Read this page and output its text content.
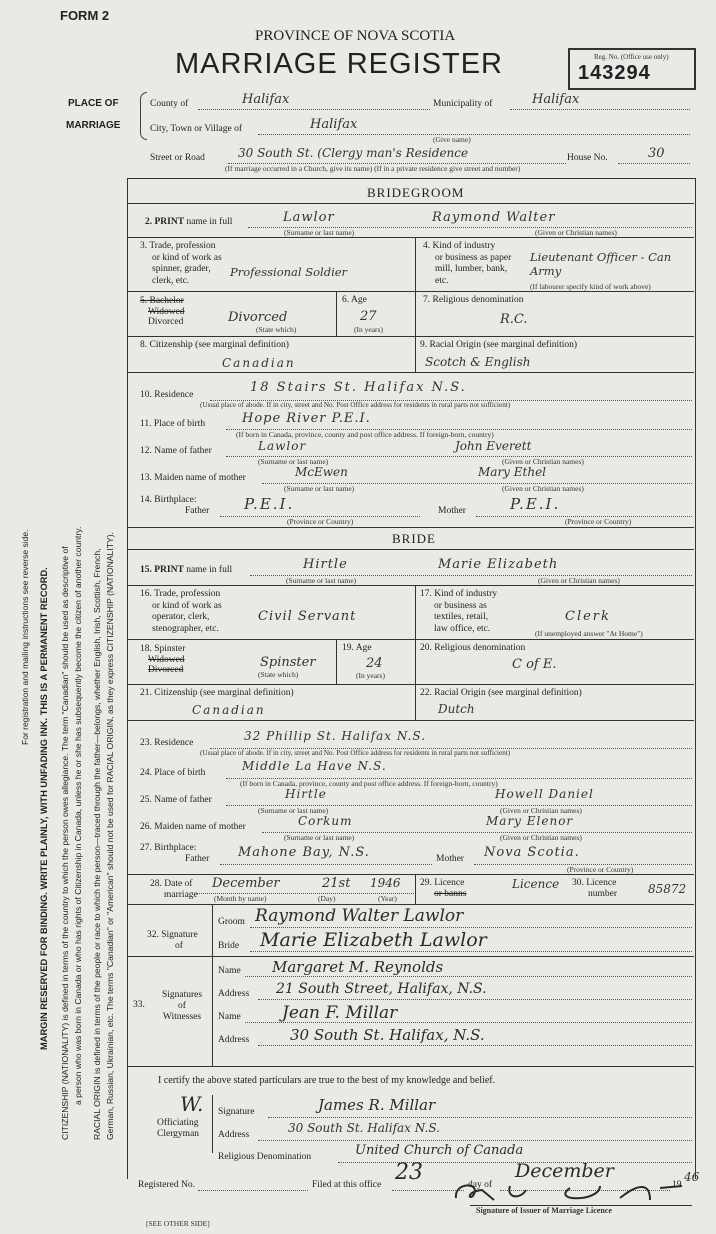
FORM 2
PROVINCE OF NOVA SCOTIA
MARRIAGE REGISTER	Reg. No. (Office use only)
143294
PLACE OF
MARRIAGE
County of	Halifax	Municipality of	Halifax
City, Town or Village of	Halifax
(Give name)
Street or Road	30 South St. (Clergy man's Residence	House No.	30
(If marriage occurred in a Church, give its name) (If in a private residence give street and number)
BRIDEGROOM
2. PRINT name in full	Lawlor	Raymond Walter
(Surname or last name)	(Given or Christian names)
3. Trade, profession
or kind of work as
spinner, grader,
clerk, etc.
Professional Soldier
4. Kind of industry
or business as paper
mill, lumber, bank,
etc.
Lieutenant Officer - Can Army
(If labourer specify kind of work above)
5. Bachelor
Widowed
Divorced	Divorced
(State which)
6. Age
27
(In years)
7. Religious denomination
R.C.
8. Citizenship (see marginal definition)
Canadian
9. Racial Origin (see marginal definition)
Scotch & English
10. Residence	18 Stairs St. Halifax N.S.
(Usual place of abode. If in city, street and No. Post Office address for residents in rural parts not sufficient)
11. Place of birth	Hope River P.E.I.
(If born in Canada, province, county and post office address. If foreign-born, country)
12. Name of father	Lawlor	John Everett
(Surname or last name)	(Given or Christian names)
13. Maiden name of mother	McEwen	Mary Ethel
(Surname or last name)	(Given or Christian names)
14. Birthplace:
Father P.E.I.
(Province or Country)
Mother	P.E.I.
(Province or Country)
BRIDE
15. PRINT name in full	Hirtle	Marie Elizabeth
(Surname or last name)	(Given or Christian names)
16. Trade, profession
or kind of work as
operator, clerk,
stenographer, etc.
Civil Servant
17. Kind of industry
or business as
textiles, retail,
law office, etc.
Clerk
(If unemployed answer "At Home")
18. Spinster
Widowed
Divorced	Spinster
(State which)
19. Age
24
(In years)
20. Religious denomination
C of E.
21. Citizenship (see marginal definition)
Canadian
22. Racial Origin (see marginal definition)
Dutch
23. Residence	32 Phillip St. Halifax N.S.
(Usual place of abode. If in city, street and No. Post Office address for residents in rural parts not sufficient)
24. Place of birth	Middle La Have N.S.
(If born in Canada, province, county and post office address. If foreign-born, country)
25. Name of father	Hirtle	Howell Daniel
(Surname or last name)	(Given or Christian names)
26. Maiden name of mother	Corkum	Mary Elenor
(Surname or last name)	(Given or Christian names)
27. Birthplace:
Father Mahone Bay, N.S.	Mother Nova Scotia.
(Province or Country)
28. Date of
marriage
December	21st 1946
(Month by name)	(Day)	(Year)
29. Licence
or banns
Licence 30. Licence
number	85872
32. Signature
of
Groom Raymond Walter Lawlor
Bride Marie Elizabeth Lawlor
33.
Signatures
of
Witnesses
Name Margaret M. Reynolds
Address 21 South Street, Halifax, N.S.
Name Jean F. Millar
Address	30 South St. Halifax, N.S.
I certify the above stated particulars are true to the best of my knowledge and belief.
W.
Officiating
Clergyman
Signature	James R. Millar
Address	30 South St. Halifax N.S.
Religious Denomination	United Church of Canada
Registered No.	Filed at this office 23	day of
December
19
46
Signature of Issuer of Marriage Licence
[SEE OTHER SIDE]
For registration and mailing instructions see reverse side. MARGIN RESERVED FOR BINDING. WRITE PLAINLY, WITH UNFADING INK. THIS IS A PERMANENT RECORD. CITIZENSHIP (NATIONALITY) is defined in terms of the country to which the person owes allegiance. The term "Canadian" should be used as descriptive of a person who was born in Canada or who has rights of Citizenship in Canada, unless he or she has subsequently become the citizen of another country. RACIAL ORIGIN is defined in terms of the people or race to which the person—traced through the father—belongs, whether English, Irish, Scottish, French, German, Russian, Ukrainian, etc. The terms "Canadian" or "American" should not be used for RACIAL ORIGIN, as they express CITIZENSHIP (NATIONALITY).
